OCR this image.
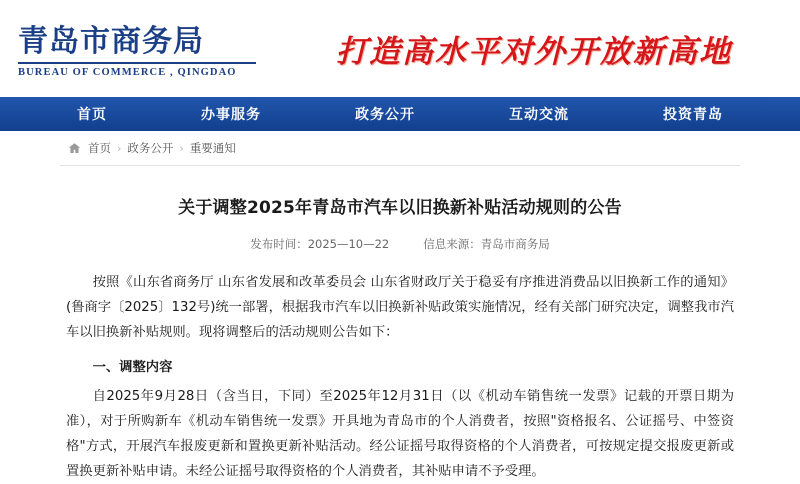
青岛市商务局
BUREAU OF COMMERCE , QINGDAO
打造高水平对外开放新高地
首页	办事服务	政务公开	互动交流	投资青岛
首页 › 政务公开 › 重要通知
关于调整2025年青岛市汽车以旧换新补贴活动规则的公告
发布时间：2025—10—22	信息来源：青岛市商务局

按照《山东省商务厅 山东省发展和改革委员会 山东省财政厅关于稳妥有序推进消费品以旧换新工作的通知》(鲁商字〔2025〕132号)统一部署，根据我市汽车以旧换新补贴政策实施情况，经有关部门研究决定，调整我市汽车以旧换新补贴规则。现将调整后的活动规则公告如下：

一、调整内容

自2025年9月28日（含当日，下同）至2025年12月31日（以《机动车销售统一发票》记载的开票日期为准），对于所购新车《机动车销售统一发票》开具地为青岛市的个人消费者，按照"资格报名、公证摇号、中签资格"方式，开展汽车报废更新和置换更新补贴活动。经公证摇号取得资格的个人消费者，可按规定提交报废更新或置换更新补贴申请。未经公证摇号取得资格的个人消费者，其补贴申请不予受理。
